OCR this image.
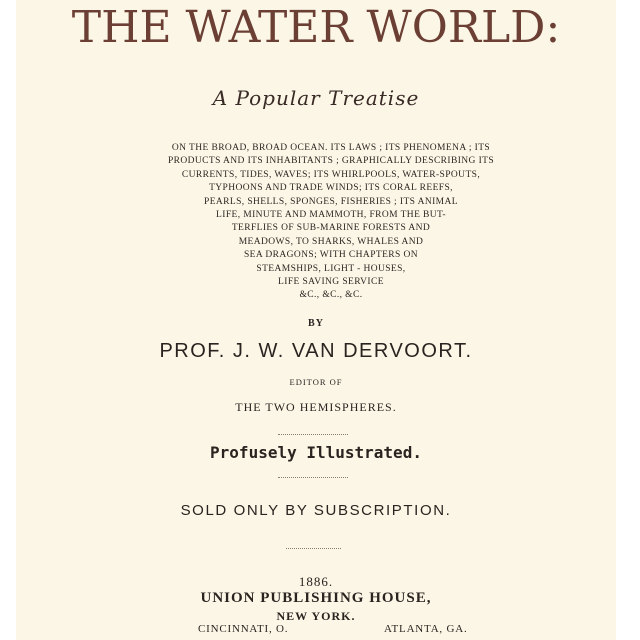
THE WATER WORLD:
A Popular Treatise
ON THE BROAD, BROAD OCEAN. ITS LAWS ; ITS PHENOMENA ; ITS
PRODUCTS AND ITS INHABITANTS ; GRAPHICALLY DESCRIBING ITS
CURRENTS, TIDES, WAVES; ITS WHIRLPOOLS, WATER-SPOUTS,
TYPHOONS AND TRADE WINDS; ITS CORAL REEFS,
PEARLS, SHELLS, SPONGES, FISHERIES ; ITS ANIMAL
LIFE, MINUTE AND MAMMOTH, FROM THE BUT-
TERFLIES OF SUB-MARINE FORESTS AND
MEADOWS, TO SHARKS, WHALES AND
SEA DRAGONS; WITH CHAPTERS ON
STEAMSHIPS, LIGHT - HOUSES,
LIFE SAVING SERVICE
&C., &C., &C.
BY
PROF. J. W. VAN DERVOORT.
EDITOR OF
THE TWO HEMISPHERES.
Profusely Illustrated.
SOLD ONLY BY SUBSCRIPTION.
1886.
UNION PUBLISHING HOUSE,
NEW YORK.
CINCINNATI, O.	ATLANTA, GA.
